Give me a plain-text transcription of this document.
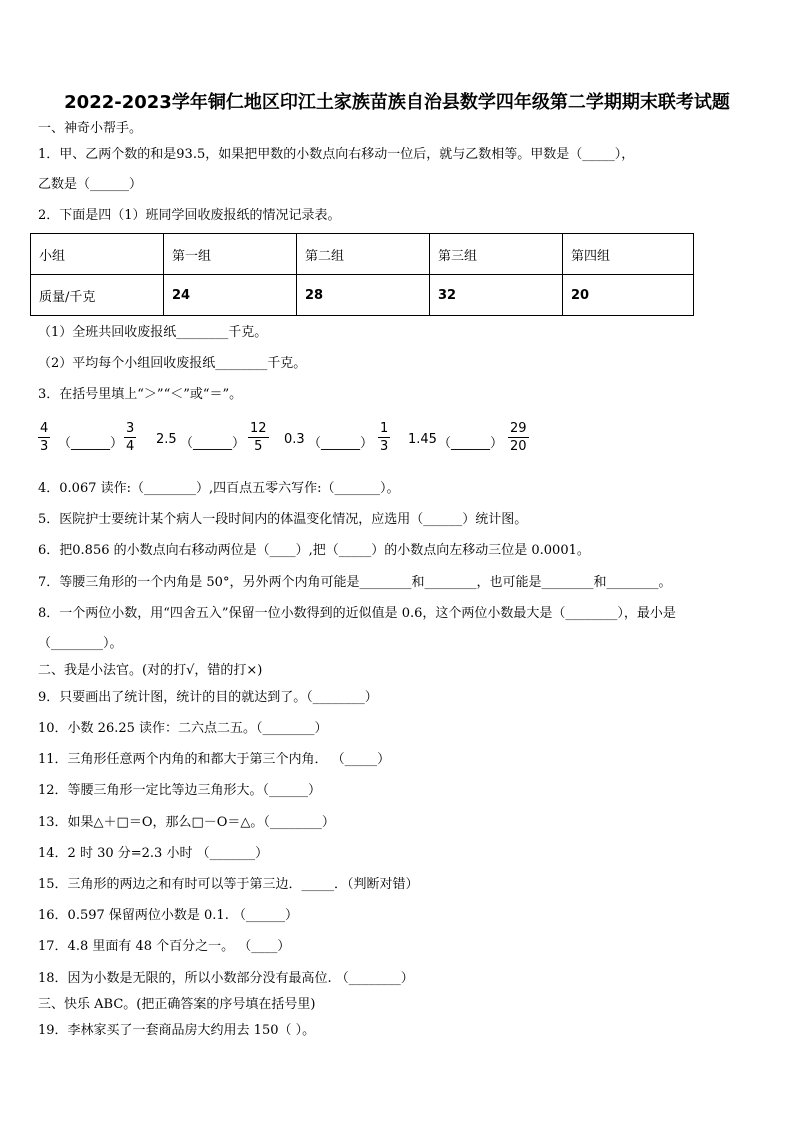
2022-2023学年铜仁地区印江土家族苗族自治县数学四年级第二学期期末联考试题
一、神奇小帮手。
1．甲、乙两个数的和是93.5，如果把甲数的小数点向右移动一位后，就与乙数相等。甲数是（_____），
乙数是（______）
2．下面是四（1）班同学回收废报纸的情况记录表。
小组	第一组	第二组	第三组	第四组
质量/千克	24	28	32	20
（1）全班共回收废报纸________千克。
（2）平均每个小组回收废报纸________千克。
3．在括号里填上“＞”“＜”或“＝”。
4
3 （______）
3
4 2.5 （______）
12
5 0.3 （______）
1
3 1.45 （______）
29
20
4．0.067 读作:（________）,四百点五零六写作:（_______）。
5．医院护士要统计某个病人一段时间内的体温变化情况，应选用（______）统计图。
6．把0.856 的小数点向右移动两位是（____）,把（_____）的小数点向左移动三位是 0.0001。
7．等腰三角形的一个内角是 50°，另外两个内角可能是________和________，也可能是________和________。
8．一个两位小数，用“四舍五入”保留一位小数得到的近似值是 0.6，这个两位小数最大是（________），最小是
（________）。
二、我是小法官。(对的打√，错的打×)
9．只要画出了统计图，统计的目的就达到了。（________）
10．小数 26.25 读作：二六点二五。（________）
11．三角形任意两个内角的和都大于第三个内角． （_____）
12．等腰三角形一定比等边三角形大。（______）
13．如果△＋□＝O，那么□－O＝△。（________）
14．2 时 30 分=2.3 小时 （_______）
15．三角形的两边之和有时可以等于第三边．_____．（判断对错）
16．0.597 保留两位小数是 0.1. （______）
17．4.8 里面有 48 个百分之一。 （____）
18．因为小数是无限的，所以小数部分没有最高位. （________）
三、快乐 ABC。(把正确答案的序号填在括号里)
19．李林家买了一套商品房大约用去 150（ ）。
